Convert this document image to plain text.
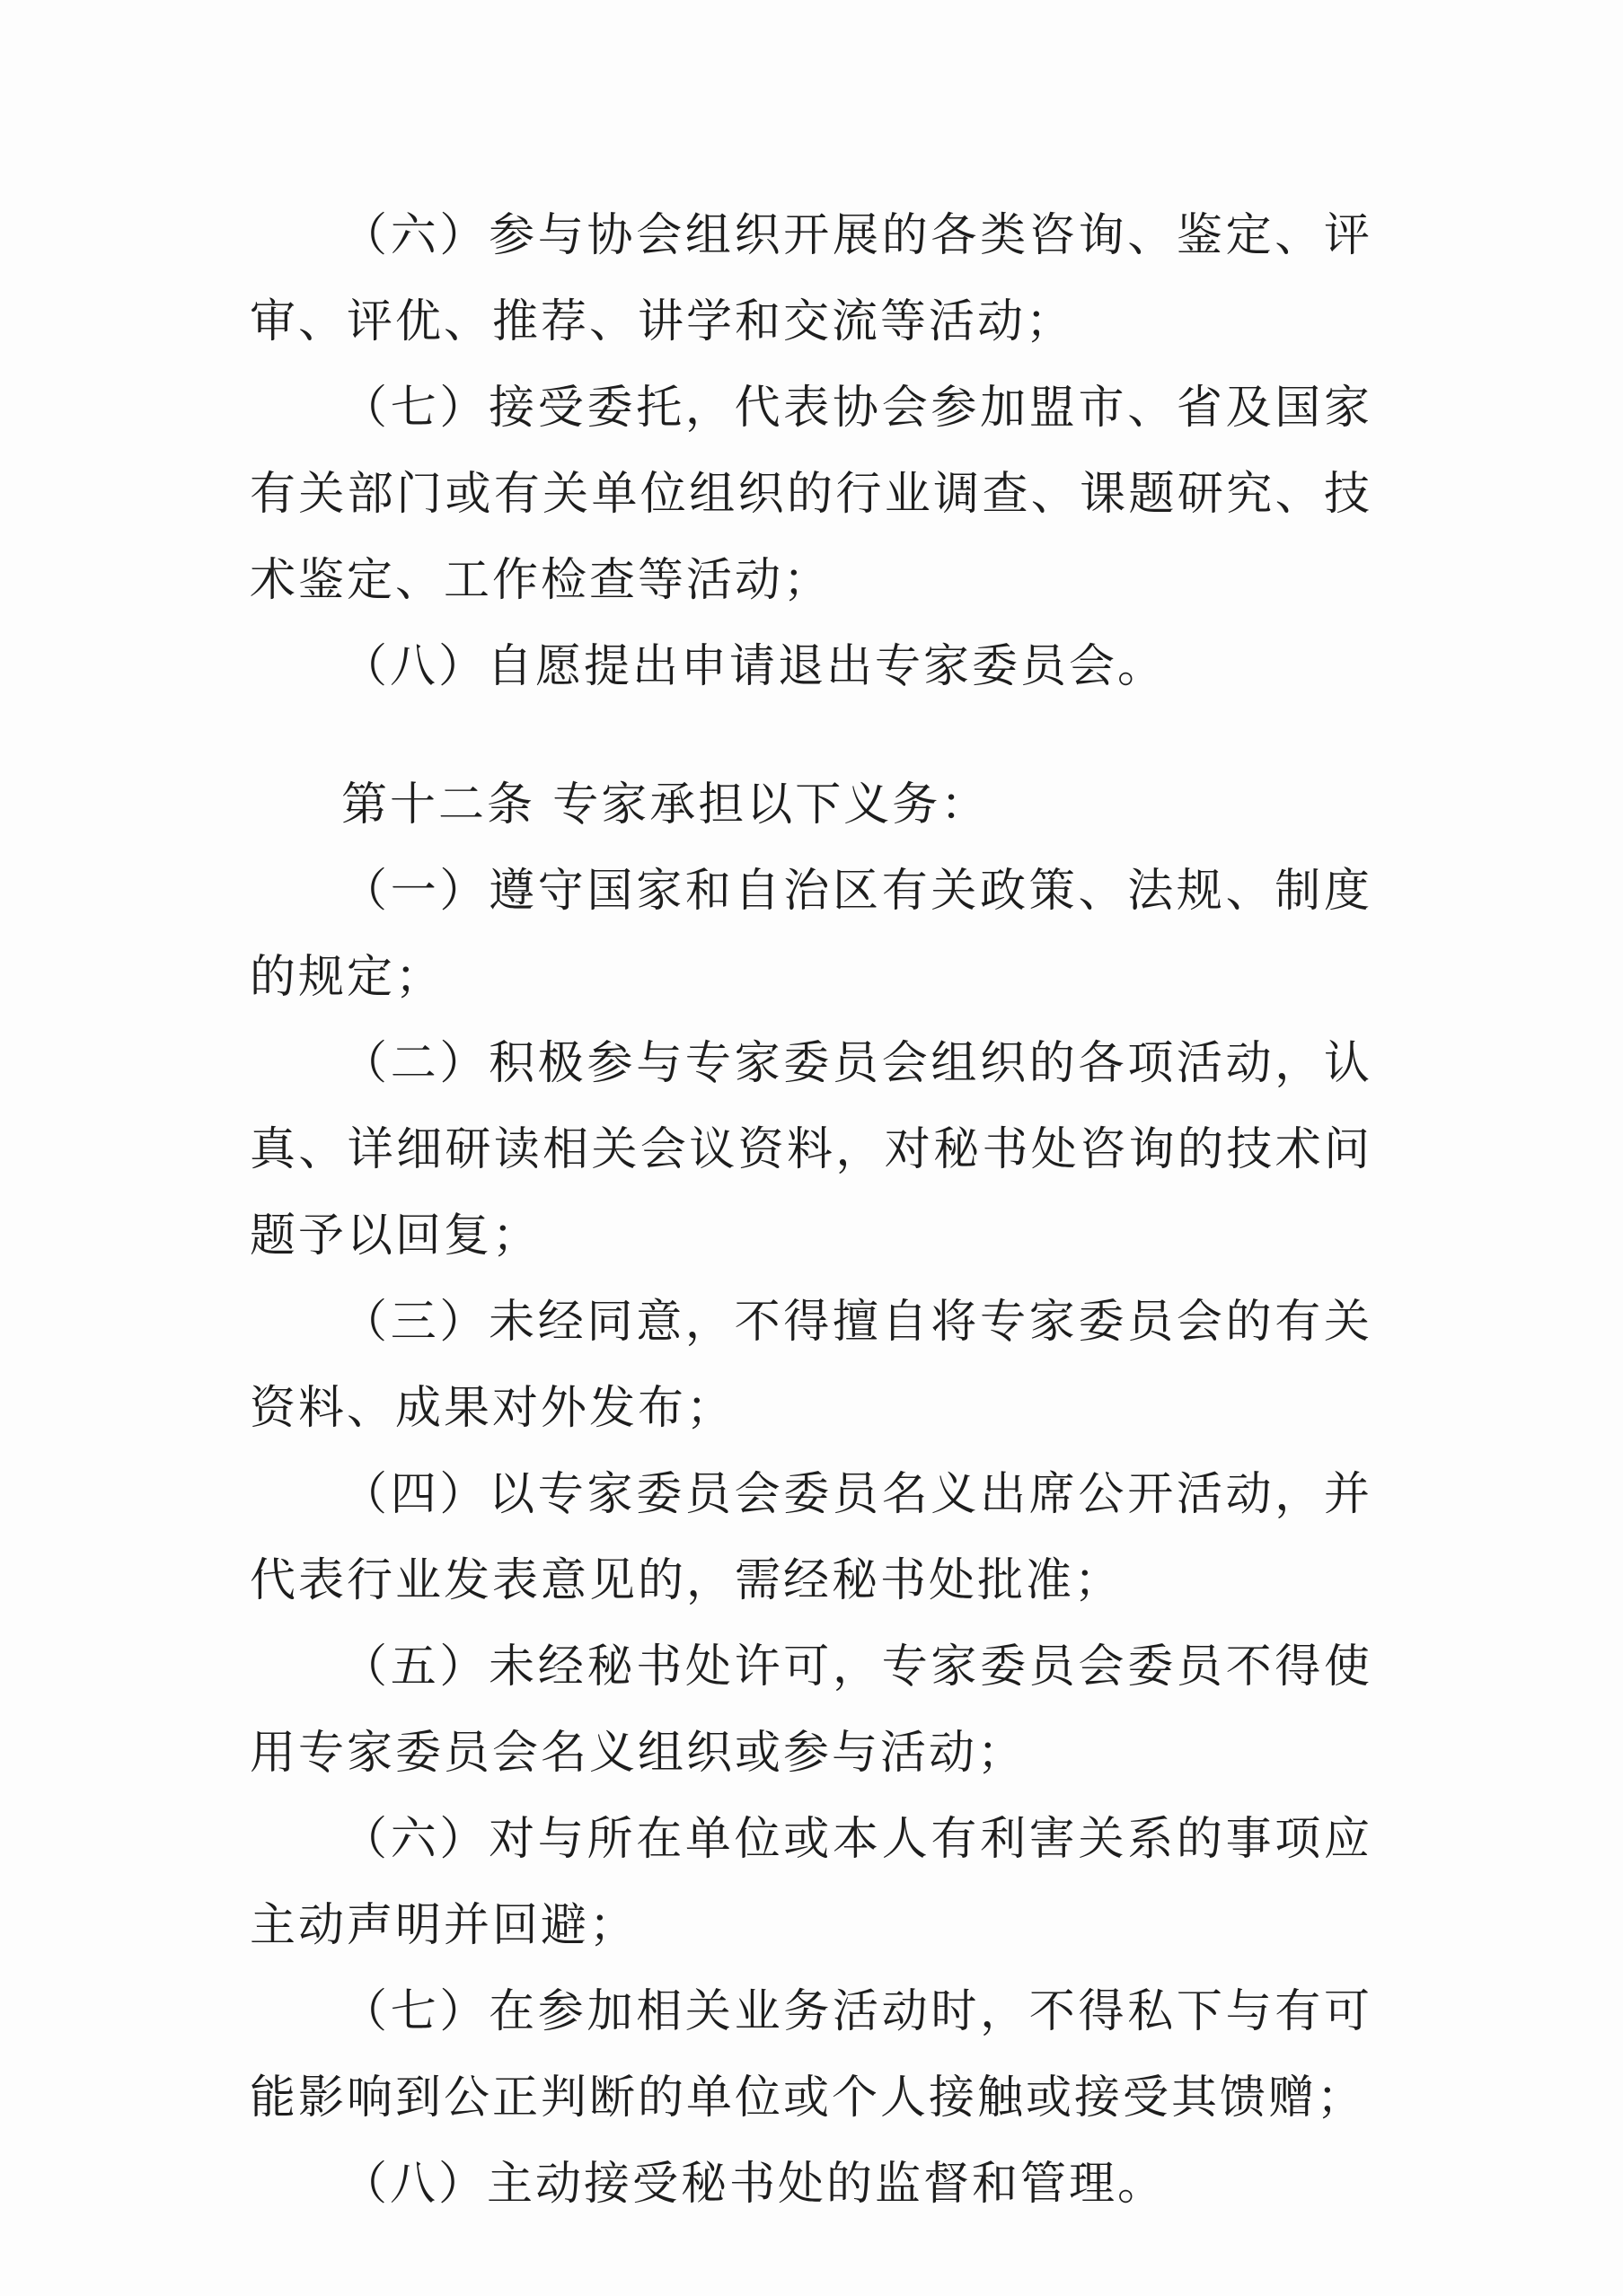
（六）参与协会组织开展的各类咨询、鉴定、评审、评优、推荐、讲学和交流等活动；

（七）接受委托，代表协会参加盟市、省及国家有关部门或有关单位组织的行业调查、课题研究、技术鉴定、工作检查等活动；

（八）自愿提出申请退出专家委员会。

第十二条 专家承担以下义务：

（一）遵守国家和自治区有关政策、法规、制度的规定；

（二）积极参与专家委员会组织的各项活动，认真、详细研读相关会议资料，对秘书处咨询的技术问题予以回复；

（三）未经同意，不得擅自将专家委员会的有关资料、成果对外发布；

（四）以专家委员会委员名义出席公开活动，并代表行业发表意见的，需经秘书处批准；

（五）未经秘书处许可，专家委员会委员不得使用专家委员会名义组织或参与活动；

（六）对与所在单位或本人有利害关系的事项应主动声明并回避；

（七）在参加相关业务活动时，不得私下与有可能影响到公正判断的单位或个人接触或接受其馈赠；

（八）主动接受秘书处的监督和管理。
